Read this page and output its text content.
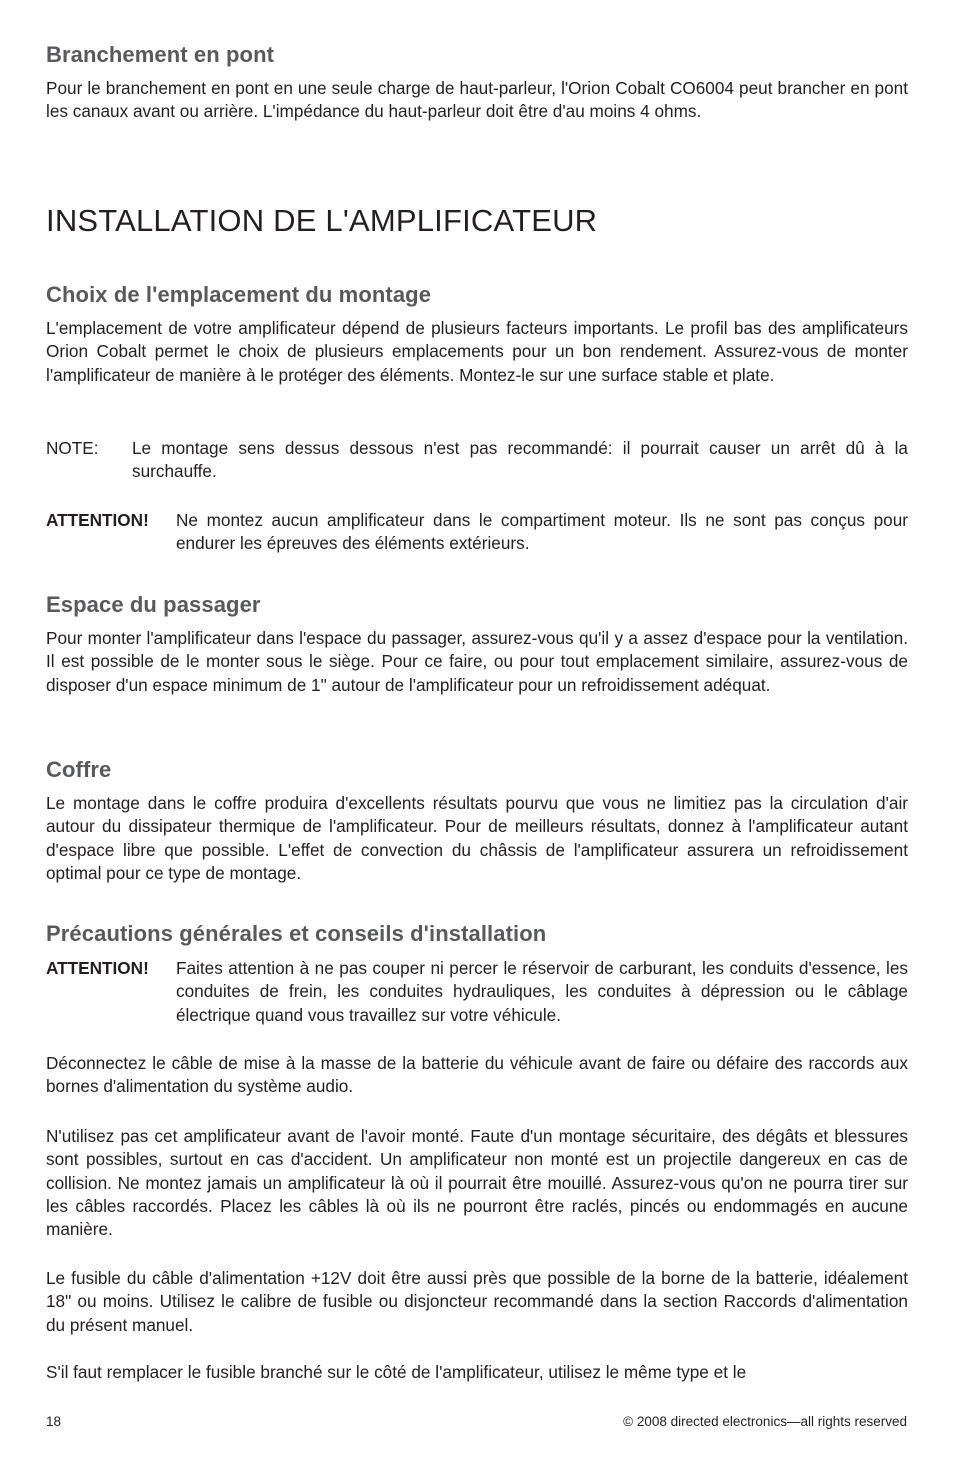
Branchement en pont

Pour le branchement en pont en une seule charge de haut-parleur, l'Orion Cobalt CO6004 peut brancher en pont les canaux avant ou arrière. L'impédance du haut-parleur doit être d'au moins 4 ohms.

INSTALLATION DE L'AMPLIFICATEUR
Choix de l'emplacement du montage

L'emplacement de votre amplificateur dépend de plusieurs facteurs importants. Le profil bas des amplificateurs Orion Cobalt permet le choix de plusieurs emplacements pour un bon rendement. Assurez-vous de monter l'amplificateur de manière à le protéger des éléments. Montez-le sur une surface stable et plate.

NOTE: Le montage sens dessus dessous n'est pas recommandé: il pourrait causer un arrêt dû à la surchauffe.
ATTENTION! Ne montez aucun amplificateur dans le compartiment moteur. Ils ne sont pas conçus pour endurer les épreuves des éléments extérieurs.
Espace du passager

Pour monter l'amplificateur dans l'espace du passager, assurez-vous qu'il y a assez d'espace pour la ventilation. Il est possible de le monter sous le siège. Pour ce faire, ou pour tout emplacement similaire, assurez-vous de disposer d'un espace minimum de 1" autour de l'amplificateur pour un refroidissement adéquat.

Coffre

Le montage dans le coffre produira d'excellents résultats pourvu que vous ne limitiez pas la circulation d'air autour du dissipateur thermique de l'amplificateur. Pour de meilleurs résultats, donnez à l'amplificateur autant d'espace libre que possible. L'effet de convection du châssis de l'amplificateur assurera un refroidissement optimal pour ce type de montage.

Précautions générales et conseils d'installation
ATTENTION! Faites attention à ne pas couper ni percer le réservoir de carburant, les conduits d'essence, les conduites de frein, les conduites hydrauliques, les conduites à dépression ou le câblage électrique quand vous travaillez sur votre véhicule.

Déconnectez le câble de mise à la masse de la batterie du véhicule avant de faire ou défaire des raccords aux bornes d'alimentation du système audio.

N'utilisez pas cet amplificateur avant de l'avoir monté. Faute d'un montage sécuritaire, des dégâts et blessures sont possibles, surtout en cas d'accident. Un amplificateur non monté est un projectile dangereux en cas de collision. Ne montez jamais un amplificateur là où il pourrait être mouillé. Assurez-vous qu'on ne pourra tirer sur les câbles raccordés. Placez les câbles là où ils ne pourront être raclés, pincés ou endommagés en aucune manière.

Le fusible du câble d'alimentation +12V doit être aussi près que possible de la borne de la batterie, idéalement 18" ou moins. Utilisez le calibre de fusible ou disjoncteur recommandé dans la section Raccords d'alimentation du présent manuel.

S'il faut remplacer le fusible branché sur le côté de l'amplificateur, utilisez le même type et le

18	© 2008 directed electronics—all rights reserved
